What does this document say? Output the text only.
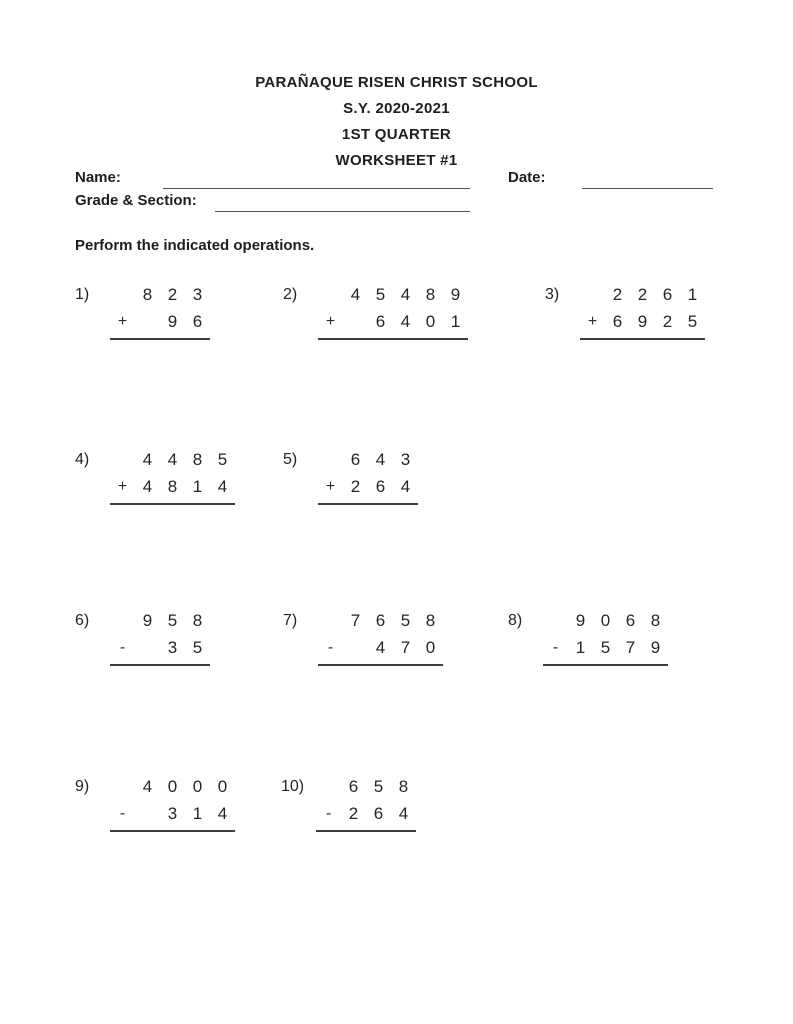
PARAÑAQUE RISEN CHRIST SCHOOL
S.Y. 2020-2021
1ST QUARTER
WORKSHEET #1
Name:	Date:
Grade & Section:
Perform the indicated operations.
1)	8 2 3
+	9 6
2)	4 5 4 8 9
+	6 4 0 1
3)	2 2 6 1
+ 6 9 2 5
4)	4 4 8 5
+ 4 8 1 4
5)	6 4 3
+ 2 6 4
6)	9 5 8
-	3 5
7)	7 6 5 8
-	4 7 0
8)	9 0 6 8
-	1 5 7 9
9)	4 0 0 0
-	3 1 4
10)	6 5 8
-	2 6 4
